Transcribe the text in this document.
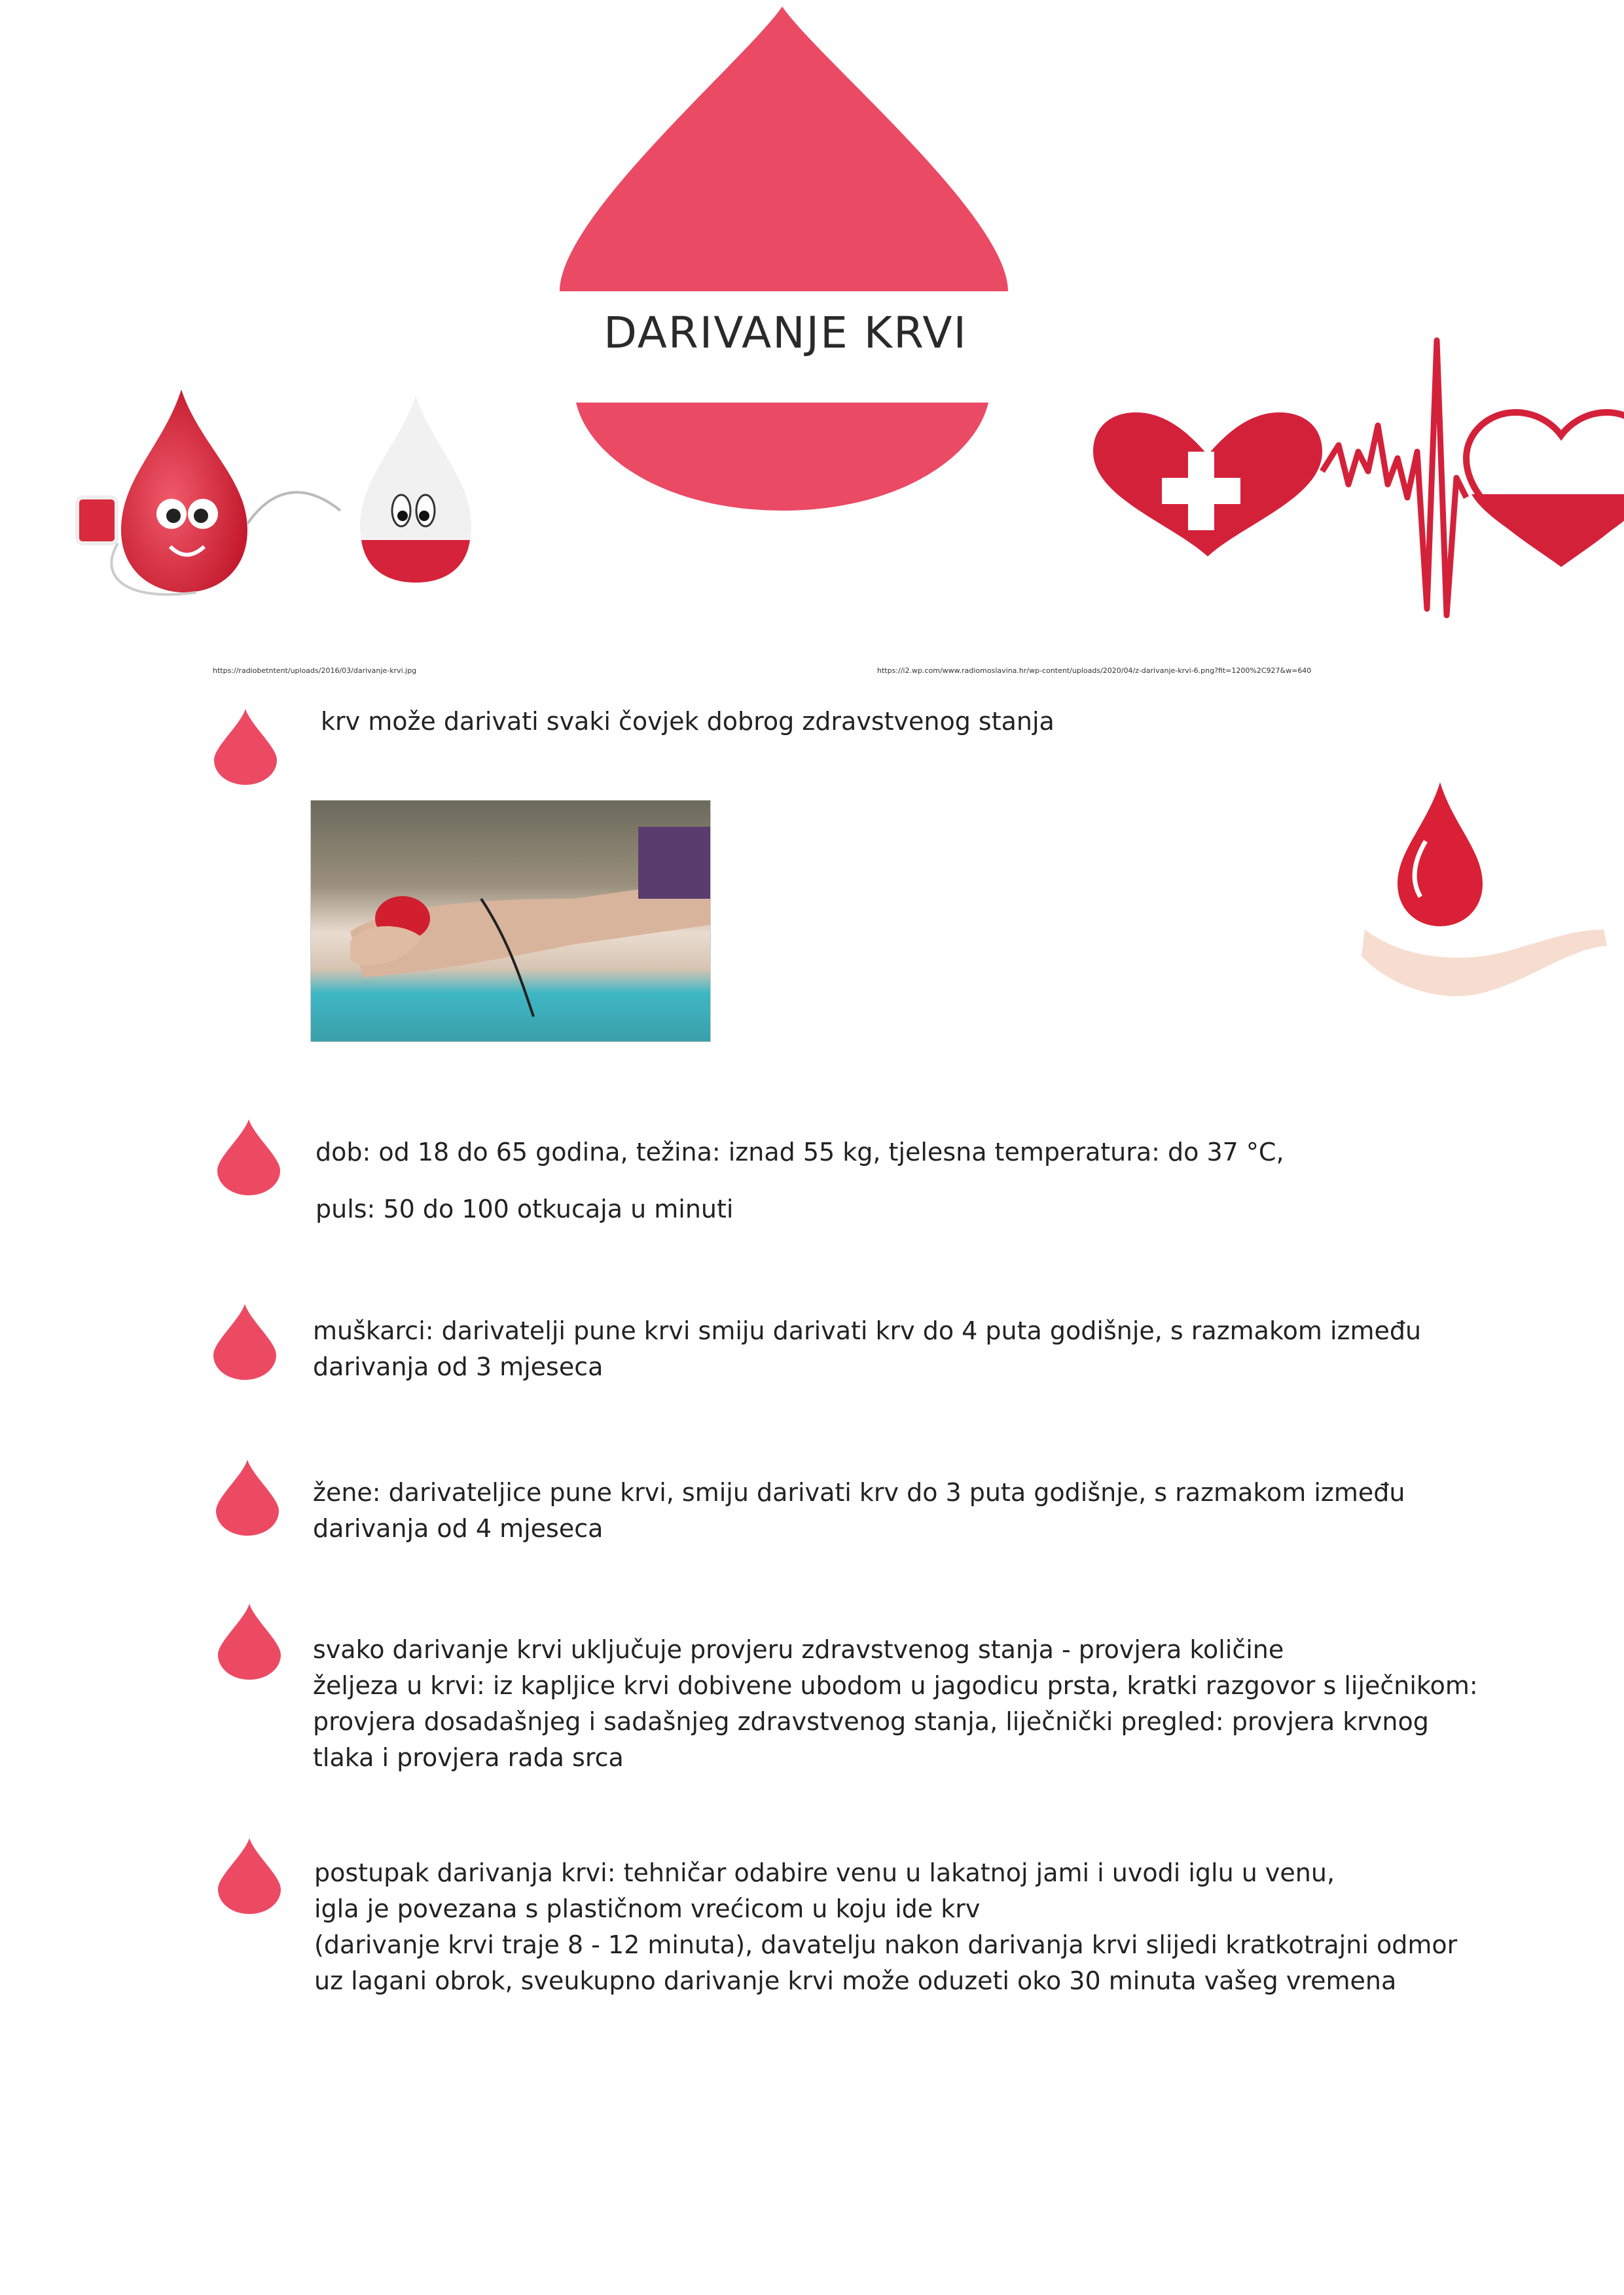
DARIVANJE KRVI
https://radiobetntent/uploads/2016/03/darivanje-krvi.jpg	https://i2.wp.com/www.radiomoslavina.hr/wp-content/uploads/2020/04/z-darivanje-krvi-6.png?fit=1200%2C927&w=640
krv može darivati svaki čovjek dobrog zdravstvenog stanja
dob: od 18 do 65 godina, težina: iznad 55 kg, tjelesna temperatura: do 37 °C,
puls: 50 do 100 otkucaja u minuti
muškarci: darivatelji pune krvi smiju darivati krv do 4 puta godišnje, s razmakom između
darivanja od 3 mjeseca
žene: darivateljice pune krvi, smiju darivati krv do 3 puta godišnje, s razmakom između
darivanja od 4 mjeseca
svako darivanje krvi uključuje provjeru zdravstvenog stanja - provjera količine
željeza u krvi: iz kapljice krvi dobivene ubodom u jagodicu prsta, kratki razgovor s liječnikom:
provjera dosadašnjeg i sadašnjeg zdravstvenog stanja, liječnički pregled: provjera krvnog
tlaka i provjera rada srca
postupak darivanja krvi: tehničar odabire venu u lakatnoj jami i uvodi iglu u venu,
igla je povezana s plastičnom vrećicom u koju ide krv
(darivanje krvi traje 8 - 12 minuta), davatelju nakon darivanja krvi slijedi kratkotrajni odmor
uz lagani obrok, sveukupno darivanje krvi može oduzeti oko 30 minuta vašeg vremena
